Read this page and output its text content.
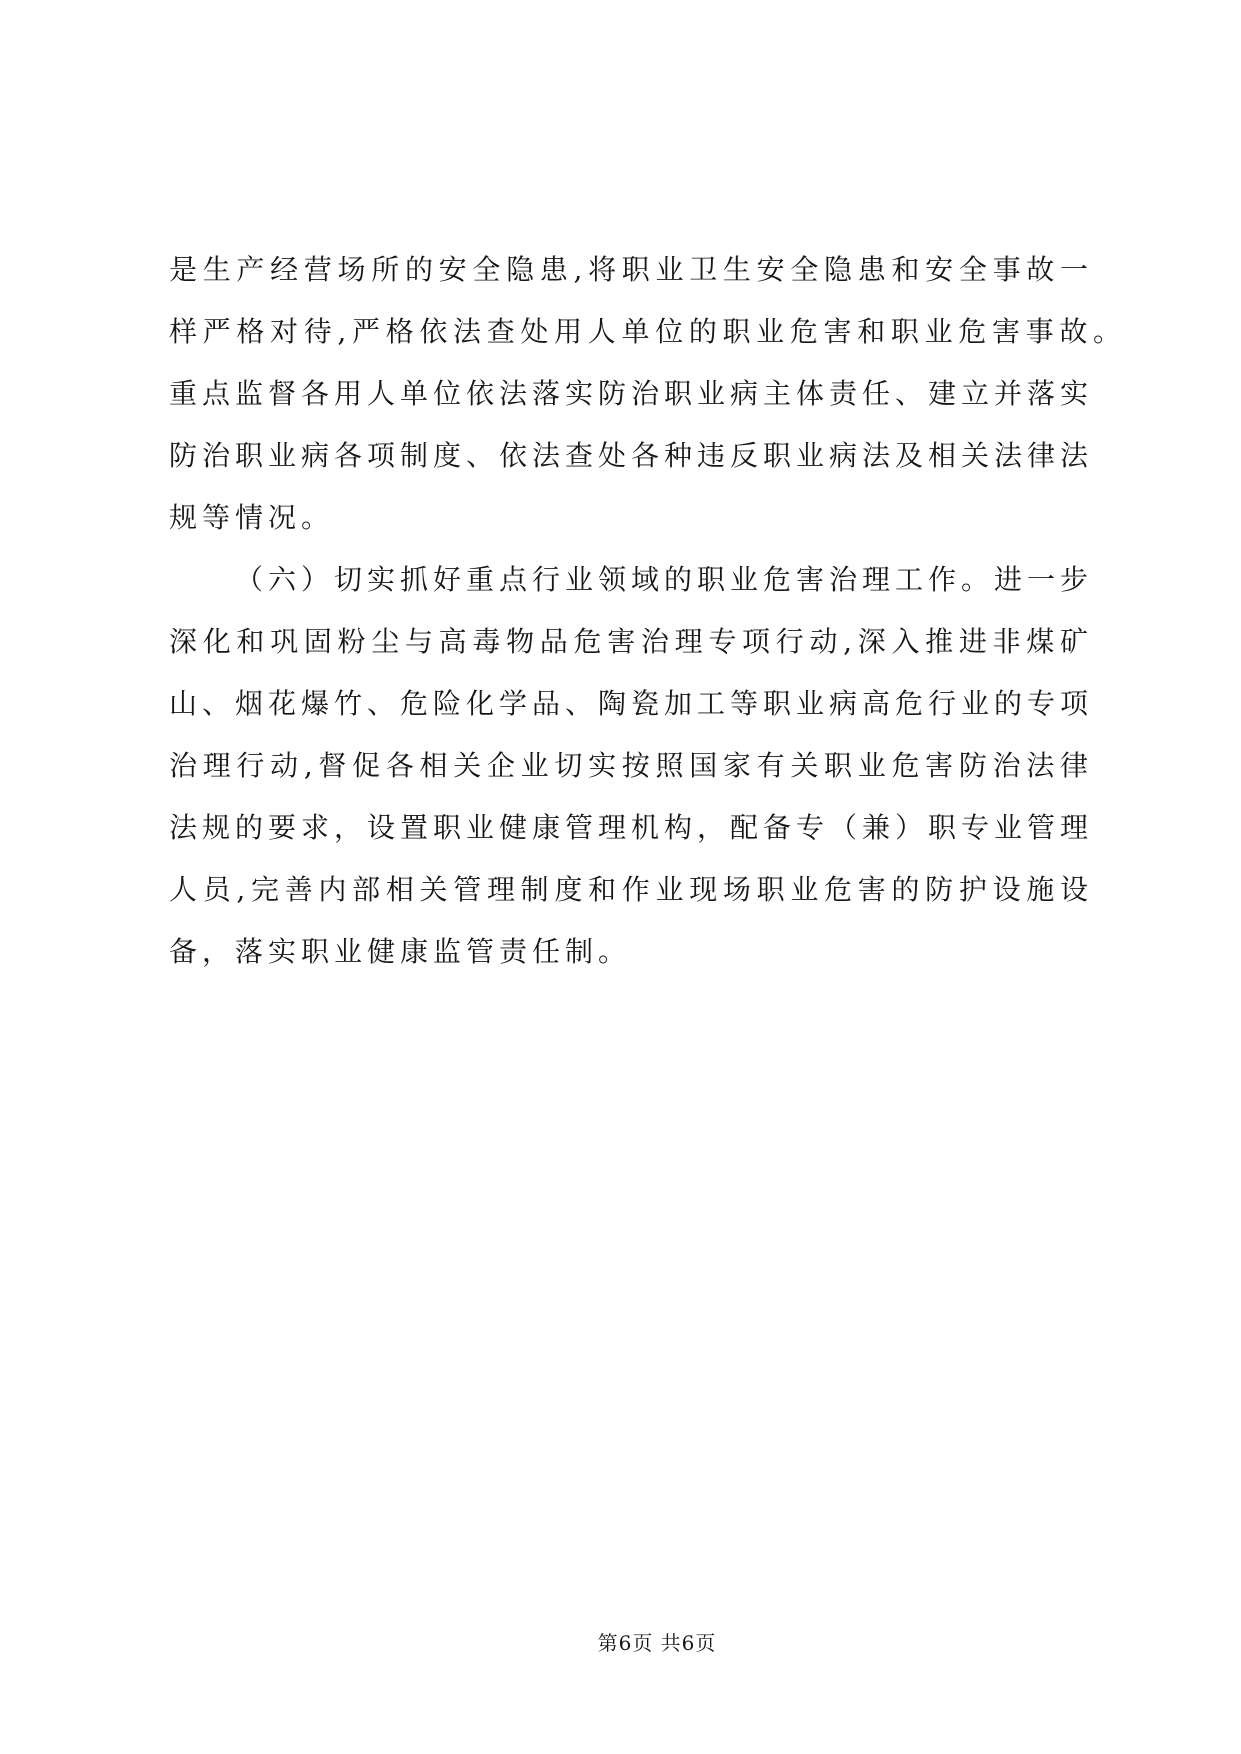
是生产经营场所的安全隐患,将职业卫生安全隐患和安全事故一
样严格对待,严格依法查处用人单位的职业危害和职业危害事故。
重点监督各用人单位依法落实防治职业病主体责任、建立并落实
防治职业病各项制度、依法查处各种违反职业病法及相关法律法
规等情况。
（六）切实抓好重点行业领域的职业危害治理工作。进一步
深化和巩固粉尘与高毒物品危害治理专项行动,深入推进非煤矿
山、烟花爆竹、危险化学品、陶瓷加工等职业病高危行业的专项
治理行动,督促各相关企业切实按照国家有关职业危害防治法律
法规的要求，设置职业健康管理机构，配备专（兼）职专业管理
人员,完善内部相关管理制度和作业现场职业危害的防护设施设
备，落实职业健康监管责任制。
第6页 共6页
